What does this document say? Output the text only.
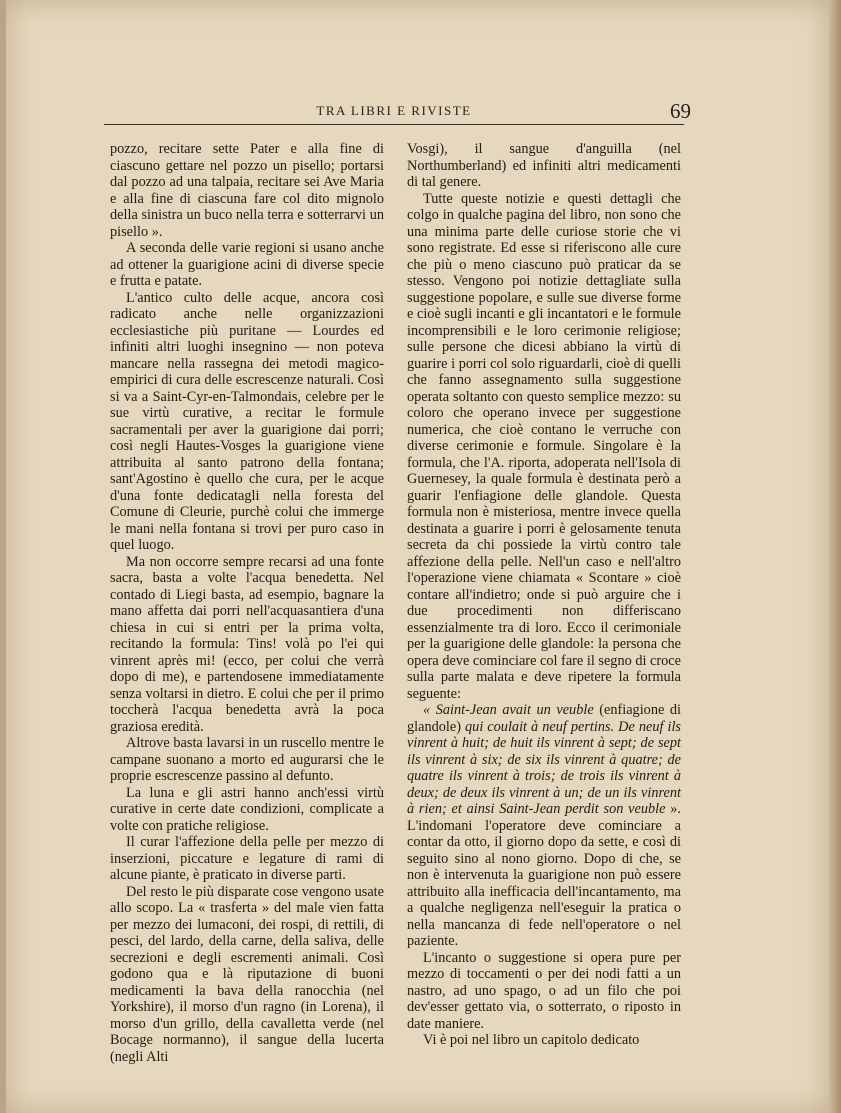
TRA LIBRI E RIVISTE	69

pozzo, recitare sette Pater e alla fine di ciascuno gettare nel pozzo un pisello; portarsi dal pozzo ad una talpaia, recitare sei Ave Maria e alla fine di ciascuna fare col dito mignolo della sinistra un buco nella terra e sotterrarvi un pisello ».

A seconda delle varie regioni si usano anche ad ottener la guarigione acini di diverse specie e frutta e patate.

L'antico culto delle acque, ancora così radicato anche nelle organizzazioni ecclesiastiche più puritane — Lourdes ed infiniti altri luoghi insegnino — non poteva mancare nella rassegna dei metodi magico-empirici di cura delle escrescenze naturali. Così si va a Saint-Cyr-en-Talmondais, celebre per le sue virtù curative, a recitar le formule sacramentali per aver la guarigione dai porri; così negli Hautes-Vosges la guarigione viene attribuita al santo patrono della fontana; sant'Agostino è quello che cura, per le acque d'una fonte dedicatagli nella foresta del Comune di Cleurie, purchè colui che immerge le mani nella fontana si trovi per puro caso in quel luogo.

Ma non occorre sempre recarsi ad una fonte sacra, basta a volte l'acqua benedetta. Nel contado di Liegi basta, ad esempio, bagnare la mano affetta dai porri nell'acquasantiera d'una chiesa in cui si entri per la prima volta, recitando la formula: Tins! volà po l'ei qui vinrent après mi! (ecco, per colui che verrà dopo di me), e partendosene immediatamente senza voltarsi in dietro. E colui che per il primo toccherà l'acqua benedetta avrà la poca graziosa eredità.

Altrove basta lavarsi in un ruscello mentre le campane suonano a morto ed augurarsi che le proprie escrescenze passino al defunto.

La luna e gli astri hanno anch'essi virtù curative in certe date condizioni, complicate a volte con pratiche religiose.

Il curar l'affezione della pelle per mezzo di inserzioni, piccature e legature di rami di alcune piante, è praticato in diverse parti.

Del resto le più disparate cose vengono usate allo scopo. La « trasferta » del male vien fatta per mezzo dei lumaconi, dei rospi, di rettili, di pesci, del lardo, della carne, della saliva, delle secrezioni e degli escrementi animali. Così godono qua e là riputazione di buoni medicamenti la bava della ranocchia (nel Yorkshire), il morso d'un ragno (in Lorena), il morso d'un grillo, della cavalletta verde (nel Bocage normanno), il sangue della lucerta (negli Alti

Vosgi), il sangue d'anguilla (nel Northumberland) ed infiniti altri medicamenti di tal genere.

Tutte queste notizie e questi dettagli che colgo in qualche pagina del libro, non sono che una minima parte delle curiose storie che vi sono registrate. Ed esse si riferiscono alle cure che più o meno ciascuno può praticar da se stesso. Vengono poi notizie dettagliate sulla suggestione popolare, e sulle sue diverse forme e cioè sugli incanti e gli incantatori e le formule incomprensibili e le loro cerimonie religiose; sulle persone che dicesi abbiano la virtù di guarire i porri col solo riguardarli, cioè di quelli che fanno assegnamento sulla suggestione operata soltanto con questo semplice mezzo: su coloro che operano invece per suggestione numerica, che cioè contano le verruche con diverse cerimonie e formule. Singolare è la formula, che l'A. riporta, adoperata nell'Isola di Guernesey, la quale formula è destinata però a guarir l'enfiagione delle glandole. Questa formula non è misteriosa, mentre invece quella destinata a guarire i porri è gelosamente tenuta secreta da chi possiede la virtù contro tale affezione della pelle. Nell'un caso e nell'altro l'operazione viene chiamata « Scontare » cioè contare all'indietro; onde si può arguire che i due procedimenti non differiscano essenzialmente tra di loro. Ecco il cerimoniale per la guarigione delle glandole: la persona che opera deve cominciare col fare il segno di croce sulla parte malata e deve ripetere la formula seguente:

« Saint-Jean avait un veuble (enfiagione di glandole) qui coulait à neuf pertins. De neuf ils vinrent à huit; de huit ils vinrent à sept; de sept ils vinrent à six; de six ils vinrent à quatre; de quatre ils vinrent à trois; de trois ils vinrent à deux; de deux ils vinrent à un; de un ils vinrent à rien; et ainsi Saint-Jean perdit son veuble ». L'indomani l'operatore deve cominciare a contar da otto, il giorno dopo da sette, e così di seguito sino al nono giorno. Dopo di che, se non è intervenuta la guarigione non può essere attribuito alla inefficacia dell'incantamento, ma a qualche negligenza nell'eseguir la pratica o nella mancanza di fede nell'operatore o nel paziente.

L'incanto o suggestione si opera pure per mezzo di toccamenti o per dei nodi fatti a un nastro, ad uno spago, o ad un filo che poi dev'esser gettato via, o sotterrato, o riposto in date maniere.

Vi è poi nel libro un capitolo dedicato
